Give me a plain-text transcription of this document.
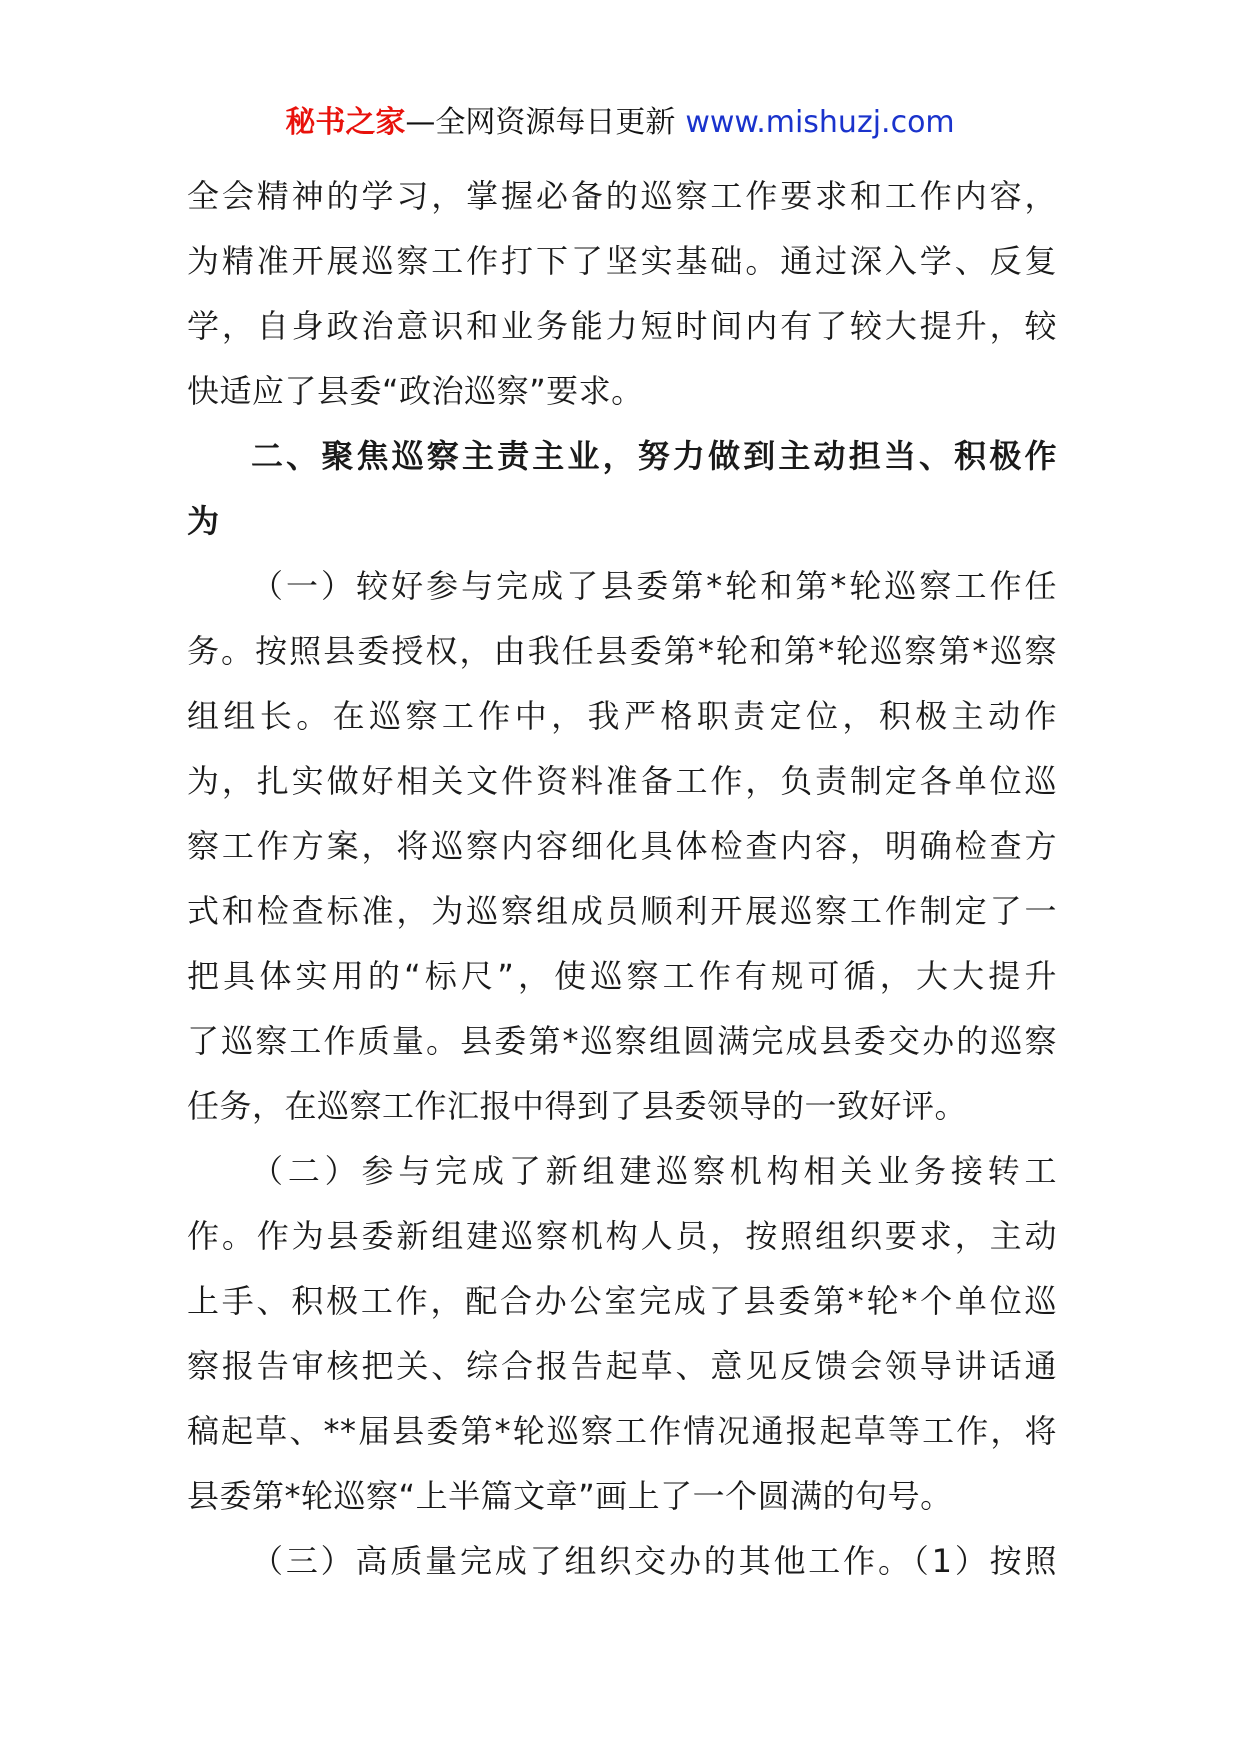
秘书之家—全网资源每日更新 www.mishuzj.com
全会精神的学习，掌握必备的巡察工作要求和工作内容，
为精准开展巡察工作打下了坚实基础。通过深入学、反复
学，自身政治意识和业务能力短时间内有了较大提升，较
快适应了县委“政治巡察”要求。
二、聚焦巡察主责主业，努力做到主动担当、积极作
为
（一）较好参与完成了县委第*轮和第*轮巡察工作任
务。按照县委授权，由我任县委第*轮和第*轮巡察第*巡察
组组长。在巡察工作中，我严格职责定位，积极主动作
为，扎实做好相关文件资料准备工作，负责制定各单位巡
察工作方案，将巡察内容细化具体检查内容，明确检查方
式和检查标准，为巡察组成员顺利开展巡察工作制定了一
把具体实用的“标尺”，使巡察工作有规可循，大大提升
了巡察工作质量。县委第*巡察组圆满完成县委交办的巡察
任务，在巡察工作汇报中得到了县委领导的一致好评。
（二）参与完成了新组建巡察机构相关业务接转工
作。作为县委新组建巡察机构人员，按照组织要求，主动
上手、积极工作，配合办公室完成了县委第*轮*个单位巡
察报告审核把关、综合报告起草、意见反馈会领导讲话通
稿起草、**届县委第*轮巡察工作情况通报起草等工作，将
县委第*轮巡察“上半篇文章”画上了一个圆满的句号。
（三）高质量完成了组织交办的其他工作。（1）按照
